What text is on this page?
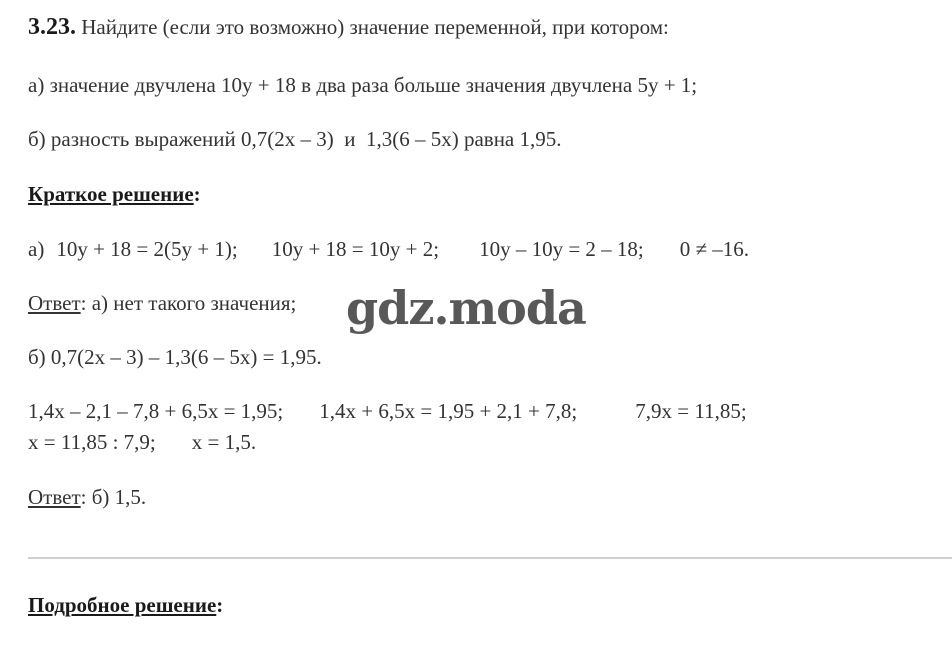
3.23. Найдите (если это возможно) значение переменной, при котором:
а) значение двучлена 10y + 18 в два раза больше значения двучлена 5y + 1;
б) разность выражений 0,7(2x – 3)  и  1,3(6 – 5x) равна 1,95.
Краткое решение:
а) 10y + 18 = 2(5y + 1); 10y + 18 = 10y + 2; 10y – 10y = 2 – 18; 0 ≠ –16.
Ответ: а) нет такого значения;
б) 0,7(2x – 3) – 1,3(6 – 5x) = 1,95.
1,4x – 2,1 – 7,8 + 6,5x = 1,95; 1,4x + 6,5x = 1,95 + 2,1 + 7,8;	7,9x = 11,85;
x = 11,85 : 7,9; x = 1,5.
Ответ: б) 1,5.
Подробное решение:
gdz.moda
